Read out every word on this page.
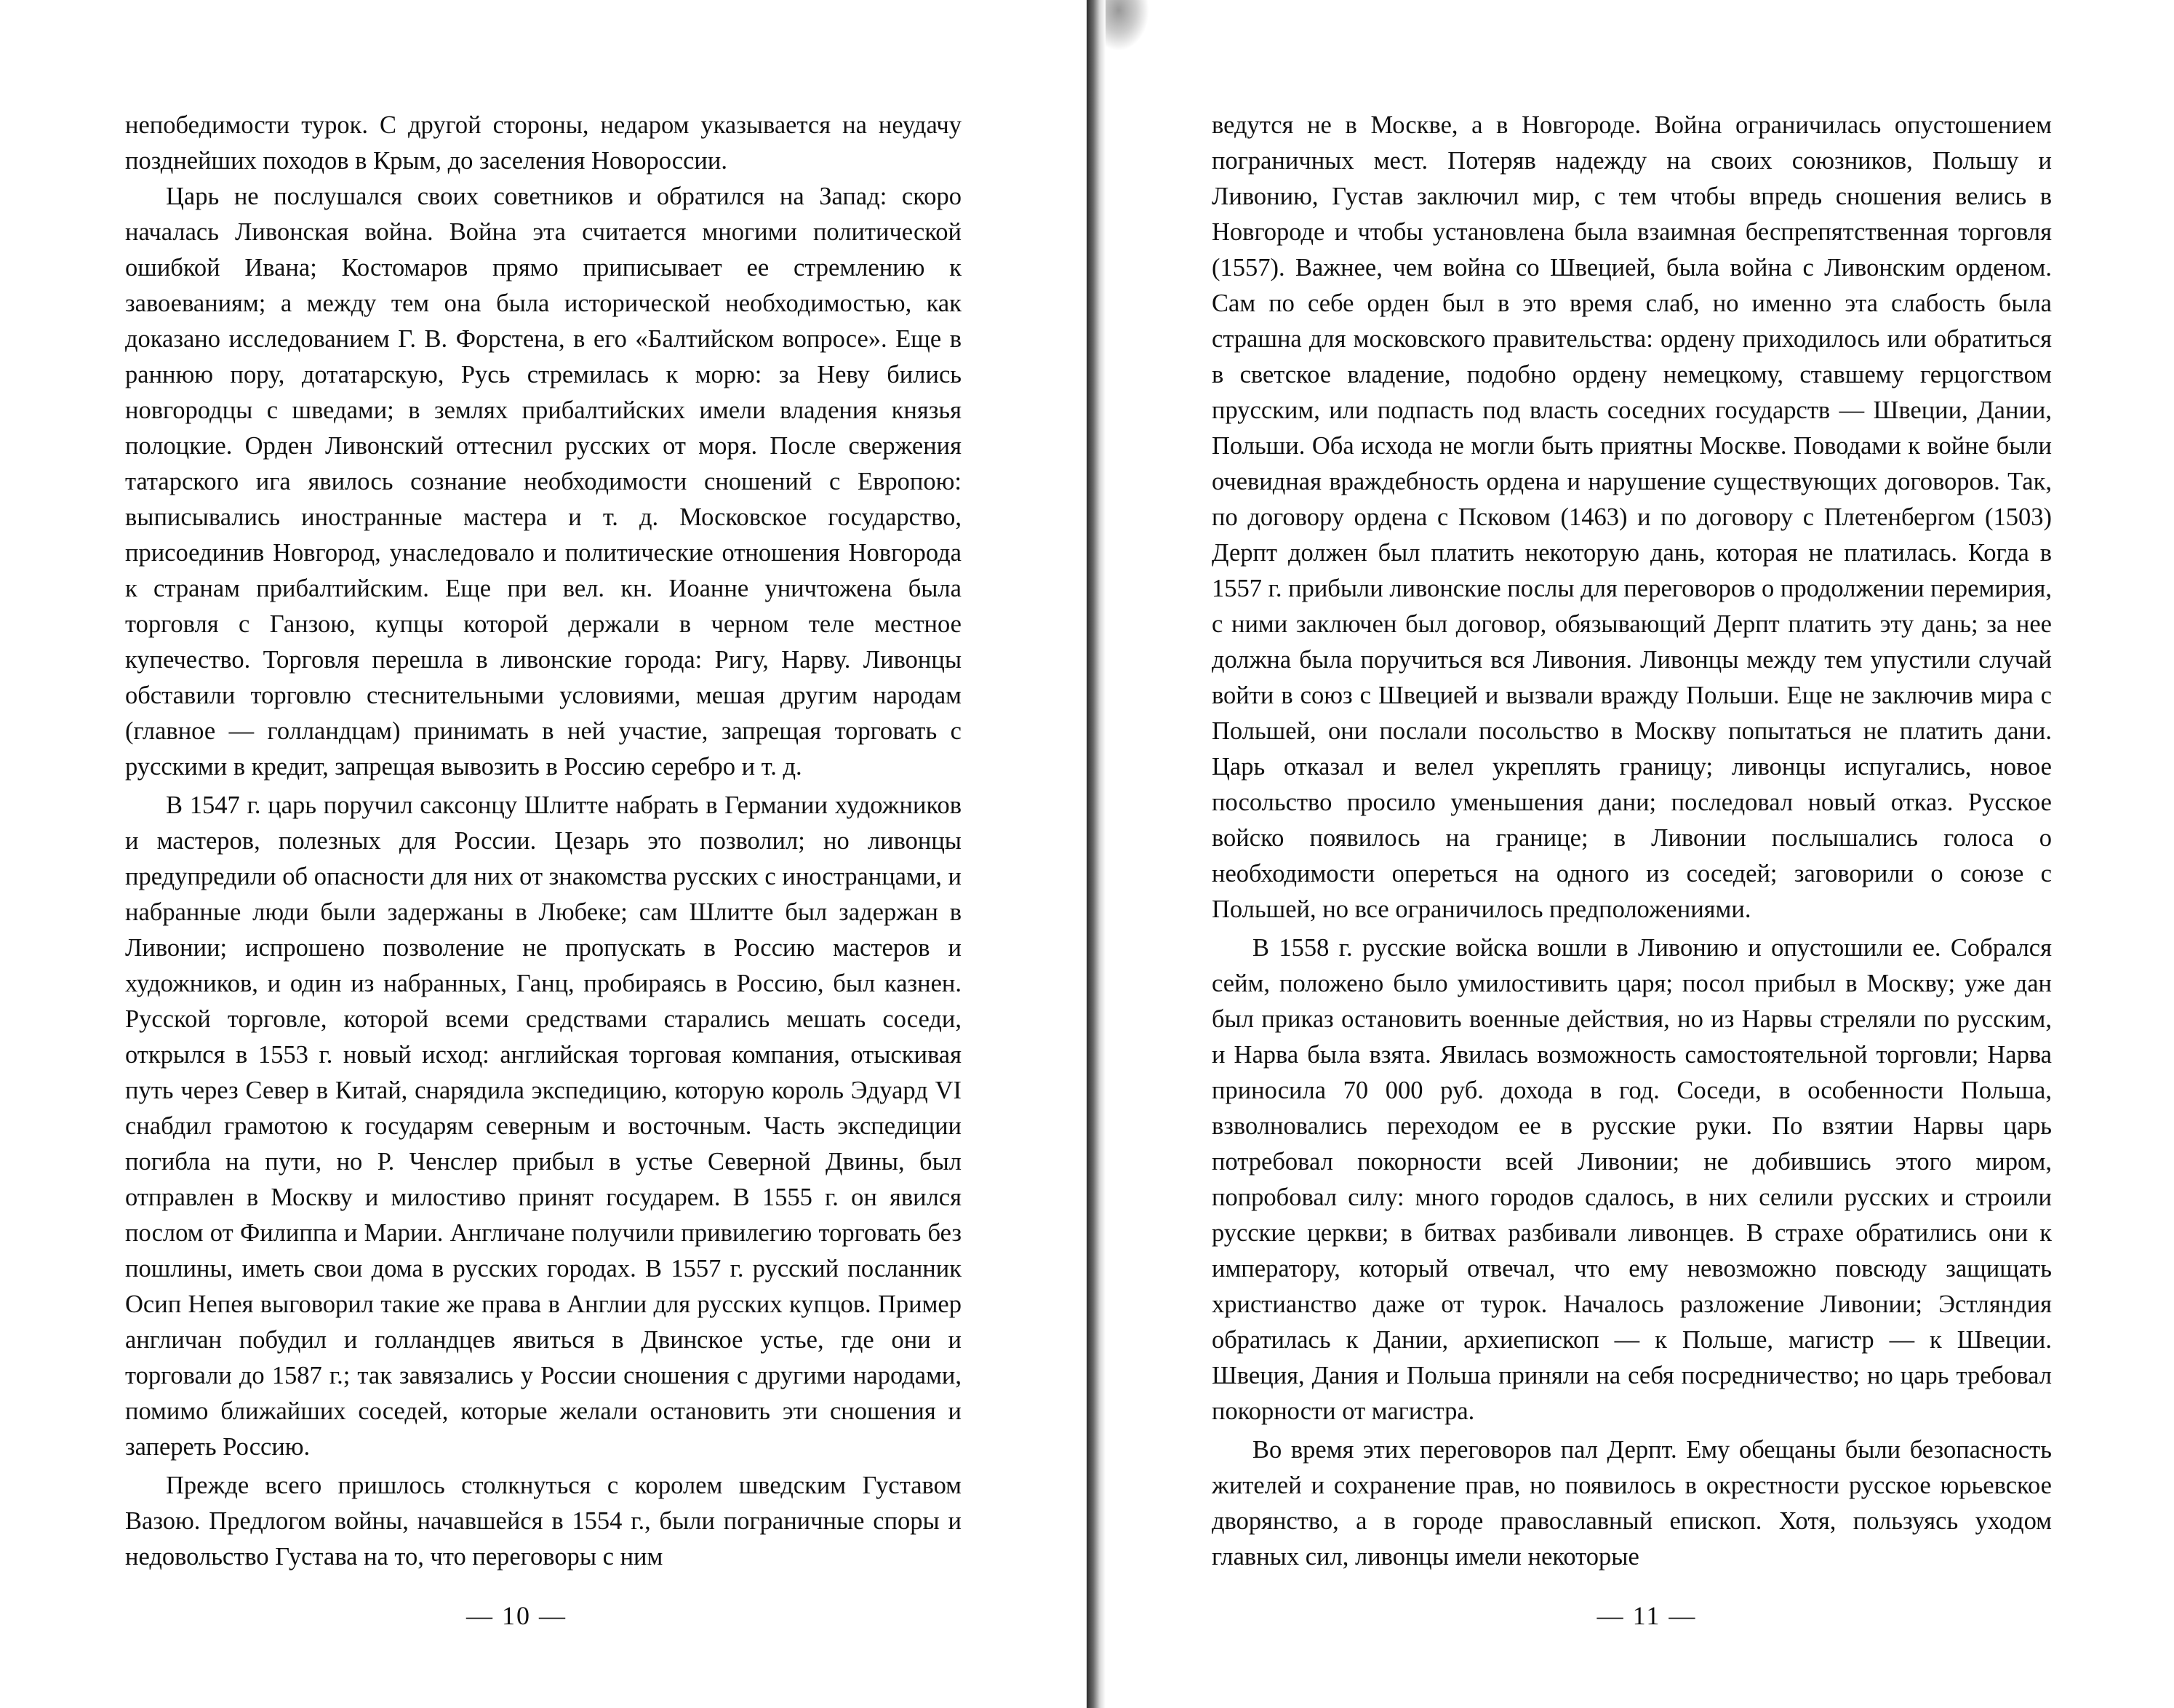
непобедимости турок. С другой стороны, недаром указывается на неудачу позднейших походов в Крым, до заселения Новороссии.

Царь не послушался своих советников и обратился на Запад: скоро началась Ливонская война. Война эта считается многими политической ошибкой Ивана; Костомаров прямо приписывает ее стремлению к завоеваниям; а между тем она была исторической необходимостью, как доказано исследованием Г. В. Форстена, в его «Балтийском вопросе». Еще в раннюю пору, дотатарскую, Русь стремилась к морю: за Неву бились новгородцы с шведами; в землях прибалтийских имели владения князья полоцкие. Орден Ливонский оттеснил русских от моря. После свержения татарского ига явилось сознание необходимости сношений с Европою: выписывались иностранные мастера и т. д. Московское государство, присоединив Новгород, унаследовало и политические отношения Новгорода к странам прибалтийским. Еще при вел. кн. Иоанне уничтожена была торговля с Ганзою, купцы которой держали в черном теле местное купечество. Торговля перешла в ливонские города: Ригу, Нарву. Ливонцы обставили торговлю стеснительными условиями, мешая другим народам (главное — голландцам) принимать в ней участие, запрещая торговать с русскими в кредит, запрещая вывозить в Россию серебро и т. д.

В 1547 г. царь поручил саксонцу Шлитте набрать в Германии художников и мастеров, полезных для России. Цезарь это позволил; но ливонцы предупредили об опасности для них от знакомства русских с иностранцами, и набранные люди были задержаны в Любеке; сам Шлитте был задержан в Ливонии; испрошено позволение не пропускать в Россию мастеров и художников, и один из набранных, Ганц, пробираясь в Россию, был казнен. Русской торговле, которой всеми средствами старались мешать соседи, открылся в 1553 г. новый исход: английская торговая компания, отыскивая путь через Север в Китай, снарядила экспедицию, которую король Эдуард VI снабдил грамотою к государям северным и восточным. Часть экспедиции погибла на пути, но Р. Ченслер прибыл в устье Северной Двины, был отправлен в Москву и милостиво принят государем. В 1555 г. он явился послом от Филиппа и Марии. Англичане получили привилегию торговать без пошлины, иметь свои дома в русских городах. В 1557 г. русский посланник Осип Непея выговорил такие же права в Англии для русских купцов. Пример англичан побудил и голландцев явиться в Двинское устье, где они и торговали до 1587 г.; так завязались у России сношения с другими народами, помимо ближайших соседей, которые желали остановить эти сношения и запереть Россию.

Прежде всего пришлось столкнуться с королем шведским Густавом Вазою. Предлогом войны, начавшейся в 1554 г., были пограничные споры и недовольство Густава на то, что переговоры с ним

— 10 —

ведутся не в Москве, а в Новгороде. Война ограничилась опустошением пограничных мест. Потеряв надежду на своих союзников, Польшу и Ливонию, Густав заключил мир, с тем чтобы впредь сношения велись в Новгороде и чтобы установлена была взаимная беспрепятственная торговля (1557). Важнее, чем война со Швецией, была война с Ливонским орденом. Сам по себе орден был в это время слаб, но именно эта слабость была страшна для московского правительства: ордену приходилось или обратиться в светское владение, подобно ордену немецкому, ставшему герцогством прусским, или подпасть под власть соседних государств — Швеции, Дании, Польши. Оба исхода не могли быть приятны Москве. Поводами к войне были очевидная враждебность ордена и нарушение существующих договоров. Так, по договору ордена с Псковом (1463) и по договору с Плетенбергом (1503) Дерпт должен был платить некоторую дань, которая не платилась. Когда в 1557 г. прибыли ливонские послы для переговоров о продолжении перемирия, с ними заключен был договор, обязывающий Дерпт платить эту дань; за нее должна была поручиться вся Ливония. Ливонцы между тем упустили случай войти в союз с Швецией и вызвали вражду Польши. Еще не заключив мира с Польшей, они послали посольство в Москву попытаться не платить дани. Царь отказал и велел укреплять границу; ливонцы испугались, новое посольство просило уменьшения дани; последовал новый отказ. Русское войско появилось на границе; в Ливонии послышались голоса о необходимости опереться на одного из соседей; заговорили о союзе с Польшей, но все ограничилось предположениями.

В 1558 г. русские войска вошли в Ливонию и опустошили ее. Собрался сейм, положено было умилостивить царя; посол прибыл в Москву; уже дан был приказ остановить военные действия, но из Нарвы стреляли по русским, и Нарва была взята. Явилась возможность самостоятельной торговли; Нарва приносила 70 000 руб. дохода в год. Соседи, в особенности Польша, взволновались переходом ее в русские руки. По взятии Нарвы царь потребовал покорности всей Ливонии; не добившись этого миром, попробовал силу: много городов сдалось, в них селили русских и строили русские церкви; в битвах разбивали ливонцев. В страхе обратились они к императору, который отвечал, что ему невозможно повсюду защищать христианство даже от турок. Началось разложение Ливонии; Эстляндия обратилась к Дании, архиепископ — к Польше, магистр — к Швеции. Швеция, Дания и Польша приняли на себя посредничество; но царь требовал покорности от магистра.

Во время этих переговоров пал Дерпт. Ему обещаны были безопасность жителей и сохранение прав, но появилось в окрестности русское юрьевское дворянство, а в городе православный епископ. Хотя, пользуясь уходом главных сил, ливонцы имели некоторые

— 11 —
